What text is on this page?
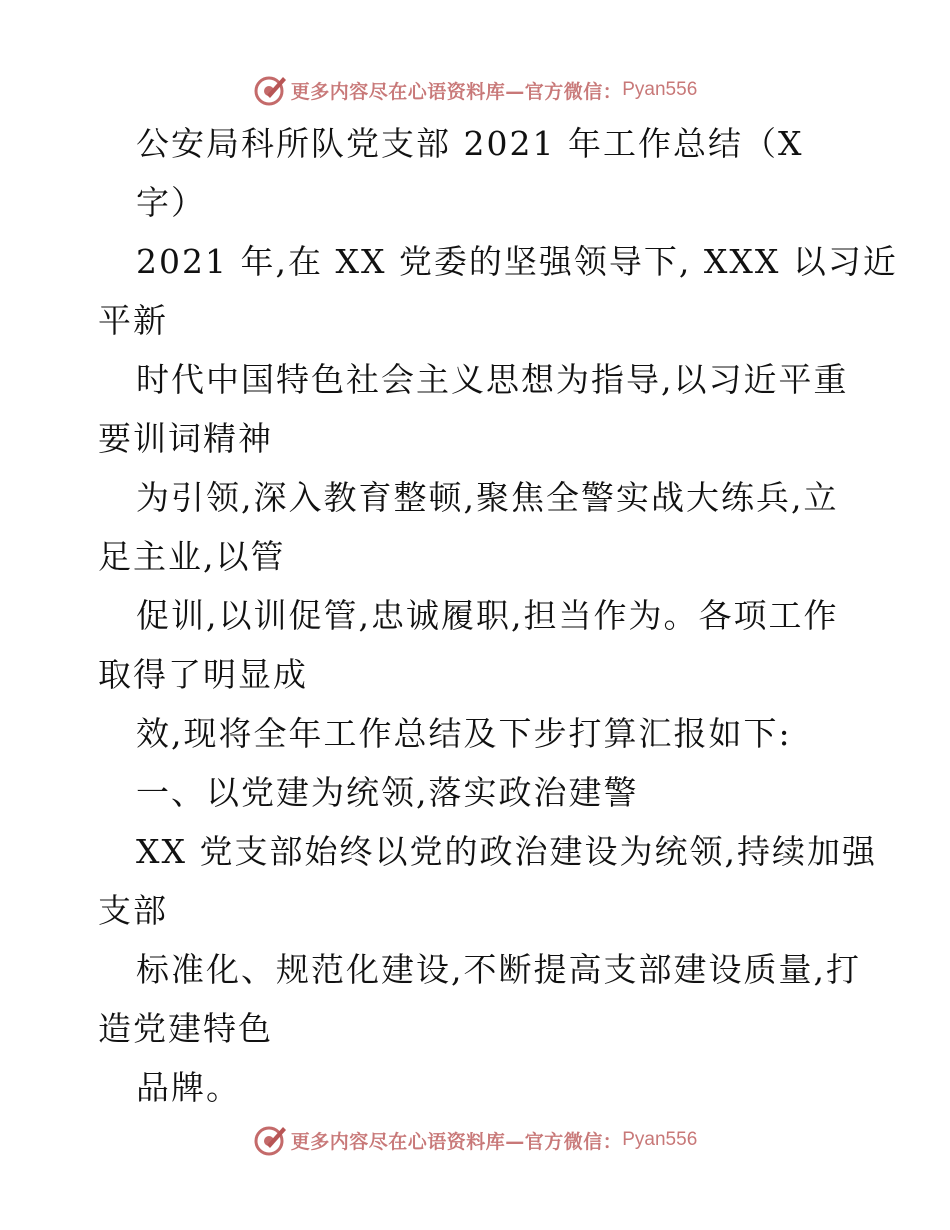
更多内容尽在心语资料库—官方微信： Pyan556
公安局科所队党支部 2021 年工作总结（X
字）
2021 年,在 XX 党委的坚强领导下, XXX 以习近
平新
时代中国特色社会主义思想为指导,以习近平重
要训词精神
为引领,深入教育整顿,聚焦全警实战大练兵,立
足主业,以管
促训,以训促管,忠诚履职,担当作为。各项工作
取得了明显成
效,现将全年工作总结及下步打算汇报如下:
一、以党建为统领,落实政治建警
XX 党支部始终以党的政治建设为统领,持续加强
支部
标准化、规范化建设,不断提高支部建设质量,打
造党建特色
品牌。
更多内容尽在心语资料库—官方微信： Pyan556
